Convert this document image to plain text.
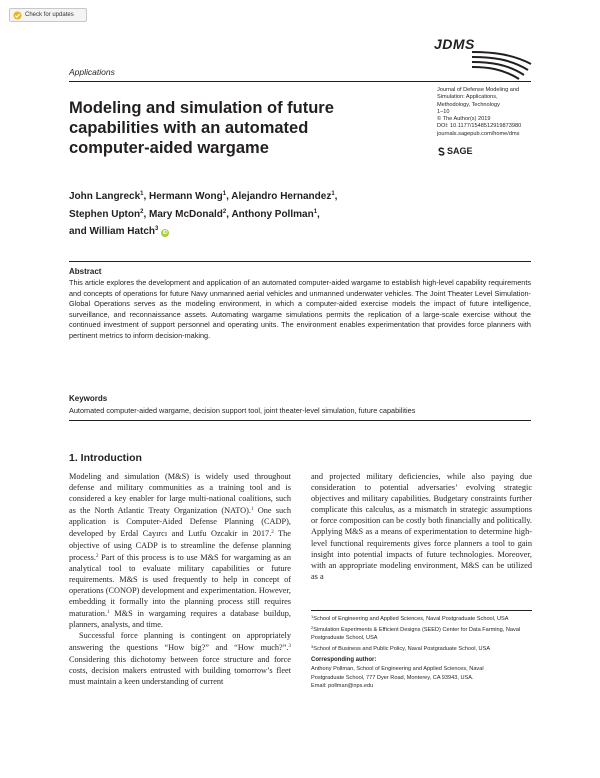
Check for updates
Applications
JDMS
Journal of Defense Modeling and
Simulation: Applications,
Methodology, Technology
1–10
© The Author(s) 2019
DOI: 10.1177/1548512919873980
journals.sagepub.com/home/dms
SAGE
Modeling and simulation of future capabilities with an automated computer-aided wargame
John Langreck$^1$, Hermann Wong$^1$, Alejandro Hernandez$^1$,
Stephen Upton$^2$, Mary McDonald$^2$, Anthony Pollman$^1$,
and William Hatch$^3$ iD
Abstract

This article explores the development and application of an automated computer-aided wargame to establish high-level capability requirements and concepts of operations for future Navy unmanned aerial vehicles and unmanned underwater vehicles. The Joint Theater Level Simulation-Global Operations serves as the modeling environment, in which a computer-aided exercise models the impact of future intelligence, surveillance, and reconnaissance assets. Automating wargame simulations permits the replication of a large-scale exercise without the continued investment of support personnel and operating units. The environment enables experimentation that provides force planners with pertinent metrics to inform decision-making.

Keywords

Automated computer-aided wargame, decision support tool, joint theater-level simulation, future capabilities

1. Introduction

Modeling and simulation (M&S) is widely used throughout defense and military communities as a training tool and is considered a key enabler for large multi-national coalitions, such as the North Atlantic Treaty Organization (NATO).$^1$ One such application is Computer-Aided Defense Planning (CADP), developed by Erdal Cayırcı and Lutfu Ozcakir in 2017.$^2$ The objective of using CADP is to streamline the defense planning process.$^2$ Part of this process is to use M&S for wargaming as an analytical tool to evaluate military capabilities or future requirements. M&S is used frequently to help in concept of operations (CONOP) development and experimentation. However, embedding it formally into the planning process still requires maturation.$^1$ M&S in wargaming requires a database buildup, planners, analysts, and time.

Successful force planning is contingent on appropriately answering the questions “How big?” and “How much?”.$^3$ Considering this dichotomy between force structure and force costs, decision makers entrusted with building tomorrow’s fleet must maintain a keen understanding of current

and projected military deficiencies, while also paying due consideration to potential adversaries’ evolving strategic objectives and military capabilities. Budgetary constraints further complicate this calculus, as a mismatch in strategic assumptions or force composition can be costly both financially and politically. Applying M&S as a means of experimentation to determine high-level functional requirements gives force planners a tool to gain insight into potential impacts of future technologies. Moreover, with an appropriate modeling environment, M&S can be utilized as a

$^1$School of Engineering and Applied Sciences, Naval Postgraduate School, USA
$^2$Simulation Experiments & Efficient Designs (SEED) Center for Data Farming, Naval Postgraduate School, USA
$^3$School of Business and Public Policy, Naval Postgraduate School, USA
Corresponding author:
Anthony Pollman, School of Engineering and Applied Sciences, Naval
Postgraduate School, 777 Dyer Road, Monterey, CA 93943, USA.
Email: pollman@nps.edu
